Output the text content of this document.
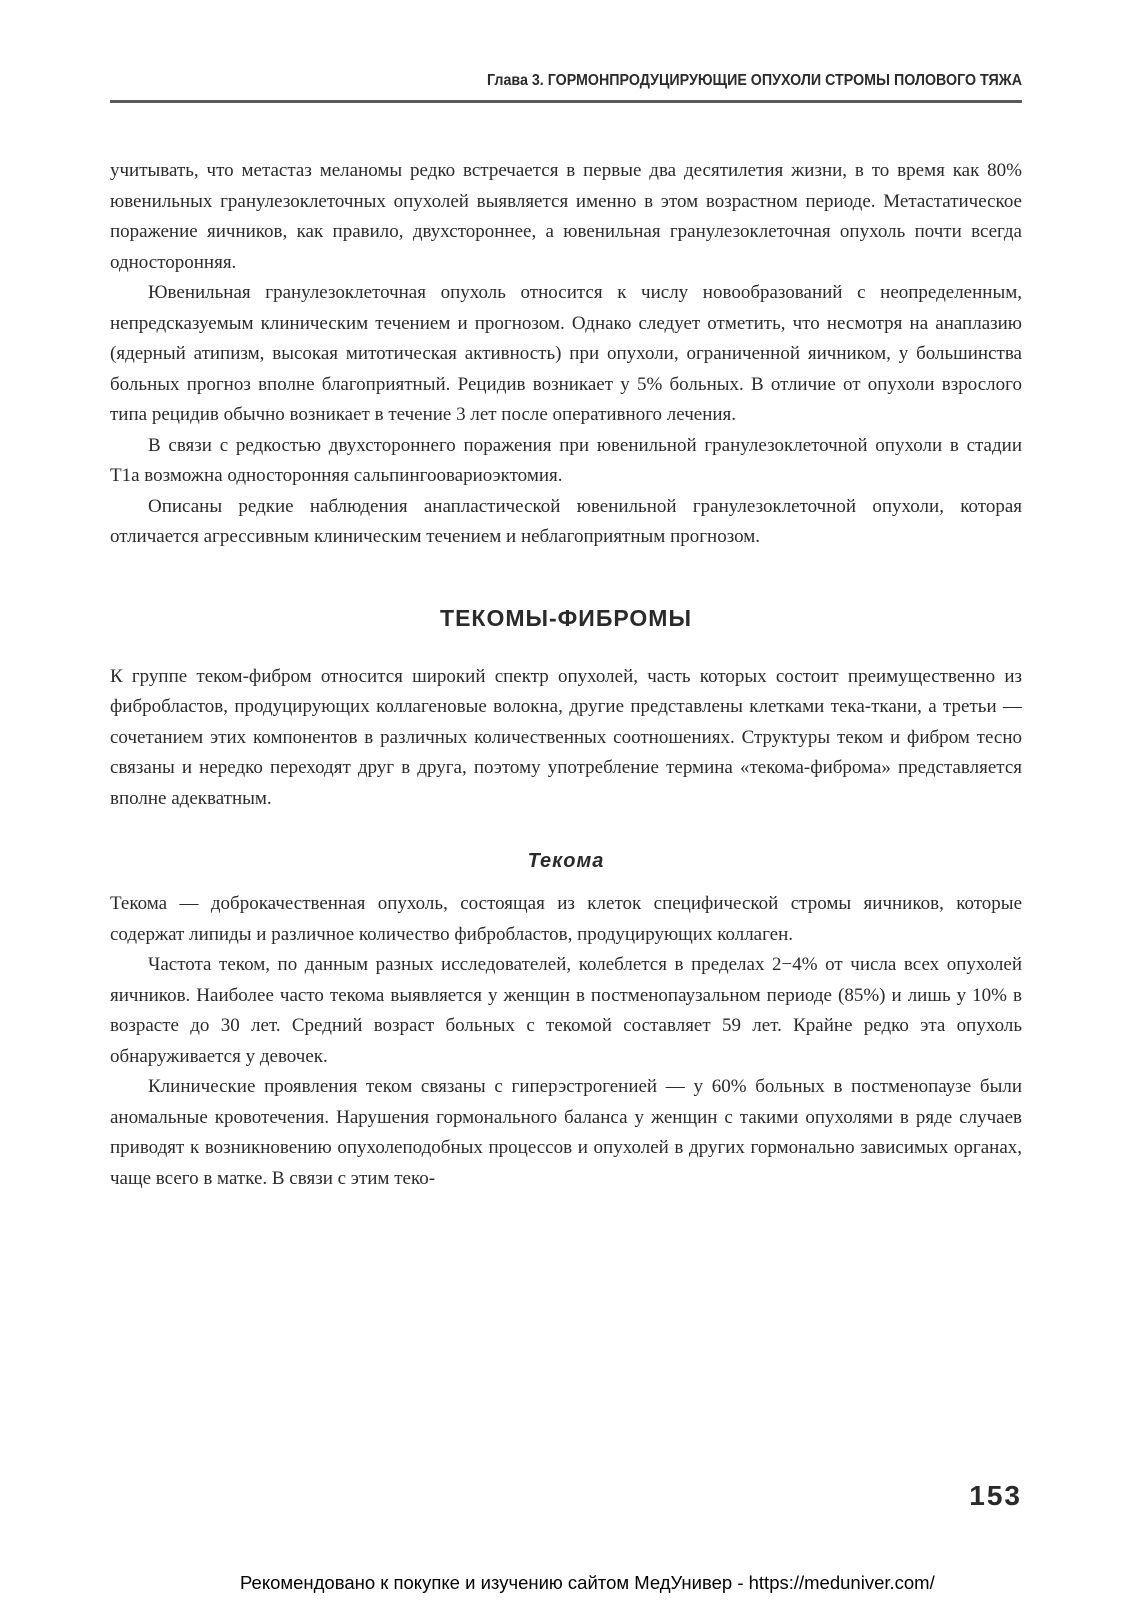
Глава 3. ГОРМОНПРОДУЦИРУЮЩИЕ ОПУХОЛИ СТРОМЫ ПОЛОВОГО ТЯЖА

учитывать, что метастаз меланомы редко встречается в первые два десятилетия жизни, в то время как 80% ювенильных гранулезоклеточных опухолей выявляется именно в этом возрастном периоде. Метастатическое поражение яичников, как правило, двухстороннее, а ювенильная гранулезоклеточная опухоль почти всегда односторонняя.

Ювенильная гранулезоклеточная опухоль относится к числу новообразований с неопределенным, непредсказуемым клиническим течением и прогнозом. Однако следует отметить, что несмотря на анаплазию (ядерный атипизм, высокая митотическая активность) при опухоли, ограниченной яичником, у большинства больных прогноз вполне благоприятный. Рецидив возникает у 5% больных. В отличие от опухоли взрослого типа рецидив обычно возникает в течение 3 лет после оперативного лечения.

В связи с редкостью двухстороннего поражения при ювенильной гранулезоклеточной опухоли в стадии T1a возможна односторонняя сальпингоовариоэктомия.

Описаны редкие наблюдения анапластической ювенильной гранулезоклеточной опухоли, которая отличается агрессивным клиническим течением и неблагоприятным прогнозом.

ТЕКОМЫ-ФИБРОМЫ

К группе теком-фибром относится широкий спектр опухолей, часть которых состоит преимущественно из фибробластов, продуцирующих коллагеновые волокна, другие представлены клетками тека-ткани, а третьи — сочетанием этих компонентов в различных количественных соотношениях. Структуры теком и фибром тесно связаны и нередко переходят друг в друга, поэтому употребление термина «текома-фиброма» представляется вполне адекватным.

Текома

Текома — доброкачественная опухоль, состоящая из клеток специфической стромы яичников, которые содержат липиды и различное количество фибробластов, продуцирующих коллаген.

Частота теком, по данным разных исследователей, колеблется в пределах 2−4% от числа всех опухолей яичников. Наиболее часто текома выявляется у женщин в постменопаузальном периоде (85%) и лишь у 10% в возрасте до 30 лет. Средний возраст больных с текомой составляет 59 лет. Крайне редко эта опухоль обнаруживается у девочек.

Клинические проявления теком связаны с гиперэстрогенией — у 60% больных в постменопаузе были аномальные кровотечения. Нарушения гормонального баланса у женщин с такими опухолями в ряде случаев приводят к возникновению опухолеподобных процессов и опухолей в других гормонально зависимых органах, чаще всего в матке. В связи с этим теко-

153
Рекомендовано к покупке и изучению сайтом МедУнивер - https://meduniver.com/
